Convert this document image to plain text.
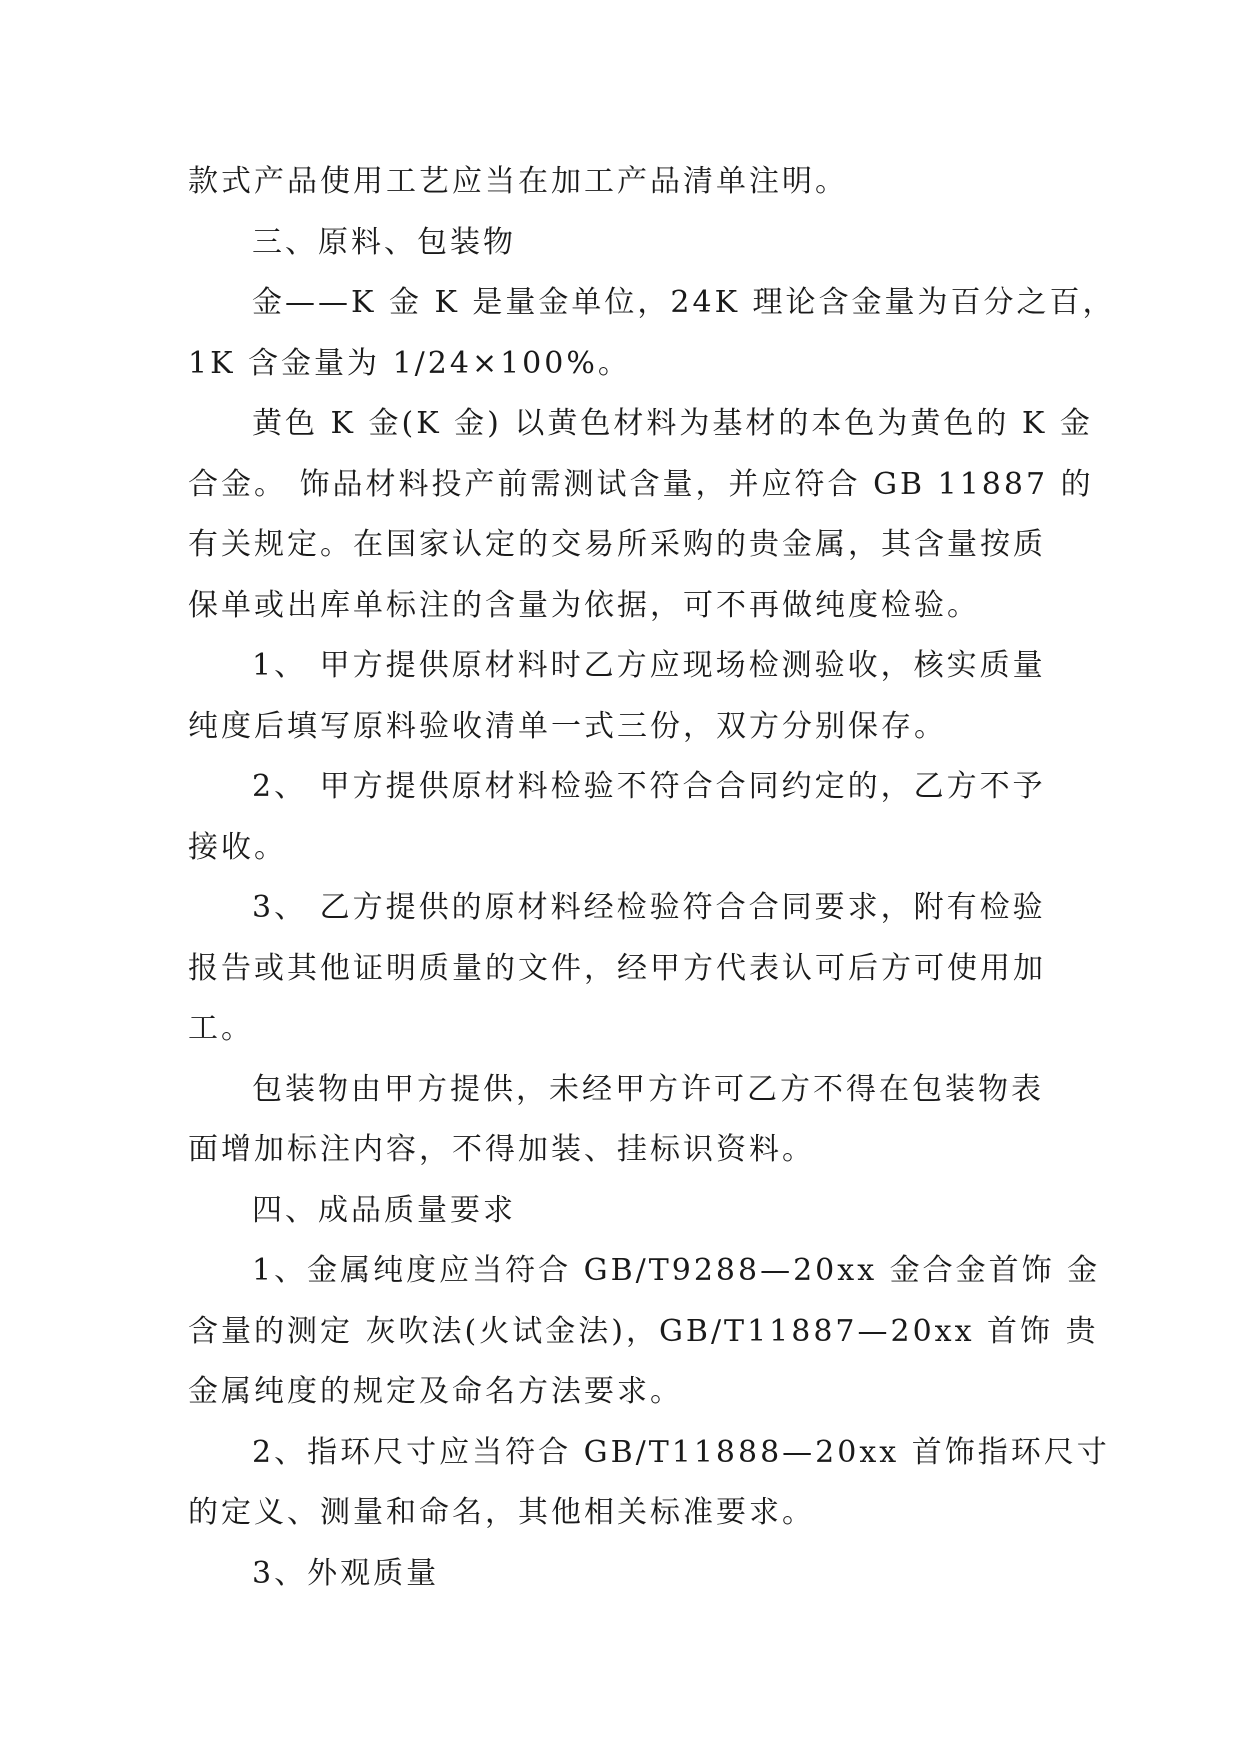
款式产品使用工艺应当在加工产品清单注明。
三、原料、包装物
金——K 金 K 是量金单位，24K 理论含金量为百分之百，
1K 含金量为 1/24×100%。
黄色 K 金(K 金) 以黄色材料为基材的本色为黄色的 K 金
合金。 饰品材料投产前需测试含量，并应符合 GB 11887 的
有关规定。在国家认定的交易所采购的贵金属，其含量按质
保单或出库单标注的含量为依据，可不再做纯度检验。
1、 甲方提供原材料时乙方应现场检测验收，核实质量
纯度后填写原料验收清单一式三份，双方分别保存。
2、 甲方提供原材料检验不符合合同约定的，乙方不予
接收。
3、 乙方提供的原材料经检验符合合同要求，附有检验
报告或其他证明质量的文件，经甲方代表认可后方可使用加
工。
包装物由甲方提供，未经甲方许可乙方不得在包装物表
面增加标注内容，不得加装、挂标识资料。
四、成品质量要求
1、金属纯度应当符合 GB/T9288—20xx 金合金首饰 金
含量的测定 灰吹法(火试金法)，GB/T11887—20xx 首饰 贵
金属纯度的规定及命名方法要求。
2、指环尺寸应当符合 GB/T11888—20xx 首饰指环尺寸
的定义、测量和命名，其他相关标准要求。
3、外观质量
